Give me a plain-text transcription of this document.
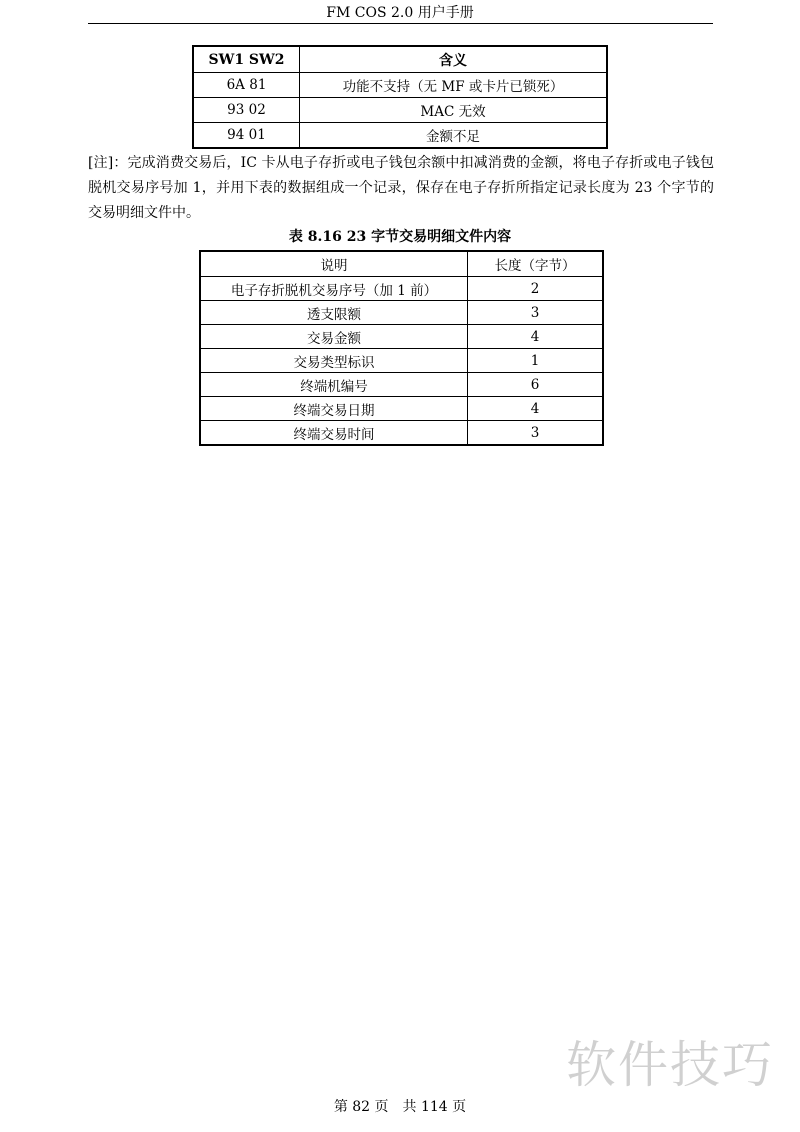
FM COS 2.0 用户手册
SW1 SW2	含义
6A 81	功能不支持（无 MF 或卡片已锁死）
93 02	MAC 无效
94 01	金额不足
[注]：完成消费交易后，IC 卡从电子存折或电子钱包余额中扣减消费的金额，将电子存折或电子钱包脱机交易序号加 1，并用下表的数据组成一个记录，保存在电子存折所指定记录长度为 23 个字节的交易明细文件中。
表 8.16 23 字节交易明细文件内容
说明	长度（字节）
电子存折脱机交易序号（加 1 前）	2
透支限额	3
交易金额	4
交易类型标识	1
终端机编号	6
终端交易日期	4
终端交易时间	3
软件技巧
第 82 页　共 114 页
